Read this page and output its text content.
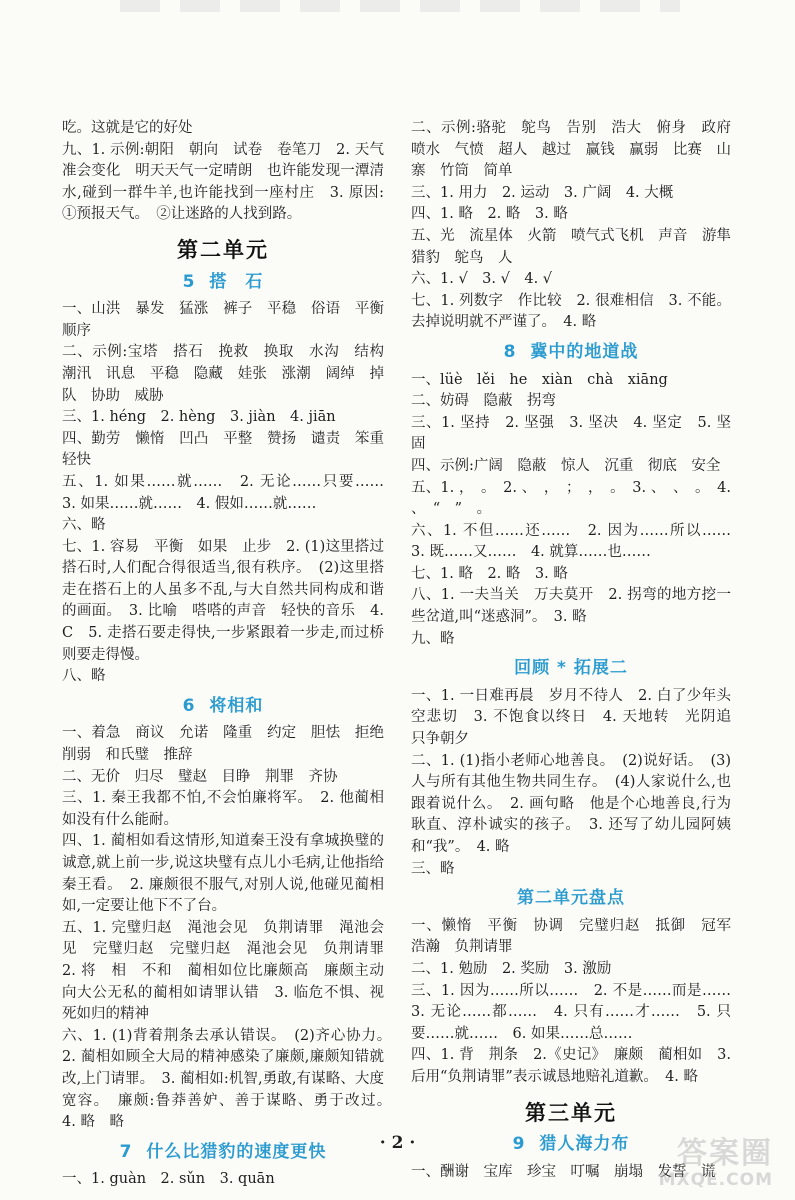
吃。这就是它的好处

九、1. 示例:朝阳　朝向　试卷　卷笔刀　2. 天气准会变化　明天天气一定晴朗　也许能发现一潭清水,碰到一群牛羊,也许能找到一座村庄　3. 原因:①预报天气。　②让迷路的人找到路。

第二单元
5 搭　石

一、山洪　暴发　猛涨　裤子　平稳　俗语　平衡　顺序

二、示例:宝塔　搭石　挽救　换取　水沟　结构　潮汛　讯息　平稳　隐藏　娃张　涨潮　阔绰　掉队　协助　威胁

三、1. héng　2. hèng　3. jiàn　4. jiān

四、勤劳　懒惰　凹凸　平整　赞扬　谴责　笨重　轻快

五、1. 如果……就……　2. 无论……只要……　3. 如果……就……　4. 假如……就……

六、略

七、1. 容易　平衡　如果　止步　2. (1)这里搭过搭石时,人们配合得很适当,很有秩序。　(2)这里搭走在搭石上的人虽多不乱,与大自然共同构成和谐的画面。　3. 比喻　嗒嗒的声音　轻快的音乐　4. C　5. 走搭石要走得快,一步紧跟着一步走,而过桥则要走得慢。

八、略

6 将相和

一、着急　商议　允诺　隆重　约定　胆怯　拒绝　削弱　和氏璧　推辞

二、无价　归尽　璧赵　目睁　荆罪　齐协

三、1. 秦王我都不怕,不会怕廉将军。　2. 他蔺相如没有什么能耐。

四、1. 蔺相如看这情形,知道秦王没有拿城换璧的诚意,就上前一步,说这块璧有点儿小毛病,让他指给秦王看。　2. 廉颇很不服气,对别人说,他碰见蔺相如,一定要让他下不了台。

五、1. 完璧归赵　渑池会见　负荆请罪　渑池会见　完璧归赵　完璧归赵　渑池会见　负荆请罪　2. 将　相　不和　蔺相如位比廉颇高　廉颇主动向大公无私的蔺相如请罪认错　3. 临危不惧、视死如归的精神

六、1. (1)背着荆条去承认错误。　(2)齐心协力。　2. 蔺相如顾全大局的精神感染了廉颇,廉颇知错就改,上门请罪。　3. 蔺相如:机智,勇敢,有谋略、大度宽容。　廉颇:鲁莽善妒、善于谋略、勇于改过。　4. 略　略

7 什么比猎豹的速度更快

一、1. guàn　2. sǔn　3. quān

二、示例:骆驼　鸵鸟　告别　浩大　俯身　政府　喷水　气愤　超人　越过　赢钱　赢弱　比赛　山寨　竹筒　简单

三、1. 用力　2. 运动　3. 广阔　4. 大概

四、1. 略　2. 略　3. 略

五、光　流星体　火箭　喷气式飞机　声音　游隼　猎豹　鸵鸟　人

六、1. √　3. √　4. √

七、1. 列数字　作比较　2. 很难相信　3. 不能。去掉说明就不严谨了。　4. 略

8 冀中的地道战

一、lüè　lěi　he　xiàn　chà　xiāng

二、妨碍　隐蔽　拐弯

三、1. 坚持　2. 坚强　3. 坚决　4. 坚定　5. 坚固

四、示例:广阔　隐蔽　惊人　沉重　彻底　安全

五、1. ，　。　2. 、　，　；　，　。　3. 、　、　。　4. 、　“　”　。

六、1. 不但……还……　2. 因为……所以……　3. 既……又……　4. 就算……也……

七、1. 略　2. 略　3. 略

八、1. 一夫当关　万夫莫开　2. 拐弯的地方挖一些岔道,叫“迷惑洞”。　3. 略

九、略

回顾 * 拓展二

一、1. 一日难再晨　岁月不待人　2. 白了少年头　空悲切　3. 不饱食以终日　4. 天地转　光阴追　只争朝夕

二、1. (1)指小老师心地善良。　(2)说好话。　(3)人与所有其他生物共同生存。　(4)人家说什么,也跟着说什么。　2. 画句略　他是个心地善良,行为耿直、淳朴诚实的孩子。　3. 还写了幼儿园阿姨和“我”。　4. 略

三、略

第二单元盘点

一、懒惰　平衡　协调　完璧归赵　抵御　冠军　浩瀚　负荆请罪

二、1. 勉励　2. 奖励　3. 激励

三、1. 因为……所以……　2. 不是……而是……　3. 无论……都……　4. 只有……才……　5. 只要……就……　6. 如果……总……

四、1. 背　荆条　2.《史记》　廉颇　蔺相如　3. 后用“负荆请罪”表示诚恳地赔礼道歉。　4. 略

第三单元
9 猎人海力布

一、酬谢　宝库　珍宝　叮嘱　崩塌　发誓　谎

· 2 ·	答案圈
MXQE.COM
